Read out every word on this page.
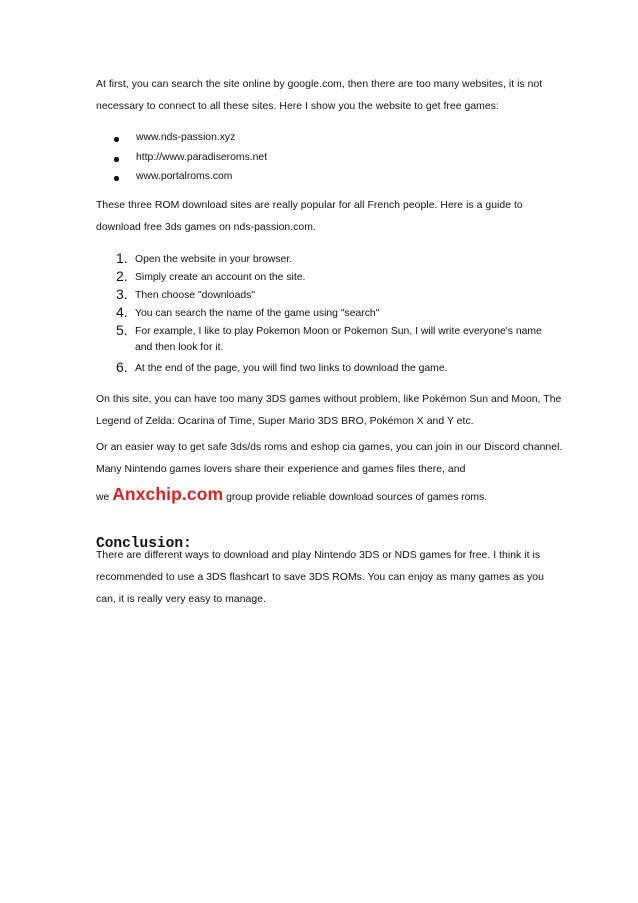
At first, you can search the site online by google.com, then there are too many websites, it is not necessary to connect to all these sites. Here I show you the website to get free games:
www.nds-passion.xyz
http://www.paradiseroms.net
www.portalroms.com
These three ROM download sites are really popular for all French people. Here is a guide to download free 3ds games on nds-passion.com.
1. Open the website in your browser.
2. Simply create an account on the site.
3. Then choose "downloads"
4. You can search the name of the game using "search"
5. For example, I like to play Pokemon Moon or Pokemon Sun, I will write everyone's name and then look for it.
6. At the end of the page, you will find two links to download the game.
On this site, you can have too many 3DS games without problem, like Pokémon Sun and Moon, The Legend of Zelda: Ocarina of Time, Super Mario 3DS BRO, Pokémon X and Y etc.
Or an easier way to get safe 3ds/ds roms and eshop cia games, you can join in our Discord channel. Many Nintendo games lovers share their experience and games files there, and
we Anxchip.com group provide reliable download sources of games roms.
Conclusion:
There are different ways to download and play Nintendo 3DS or NDS games for free. I think it is recommended to use a 3DS flashcart to save 3DS ROMs. You can enjoy as many games as you can, it is really very easy to manage.
